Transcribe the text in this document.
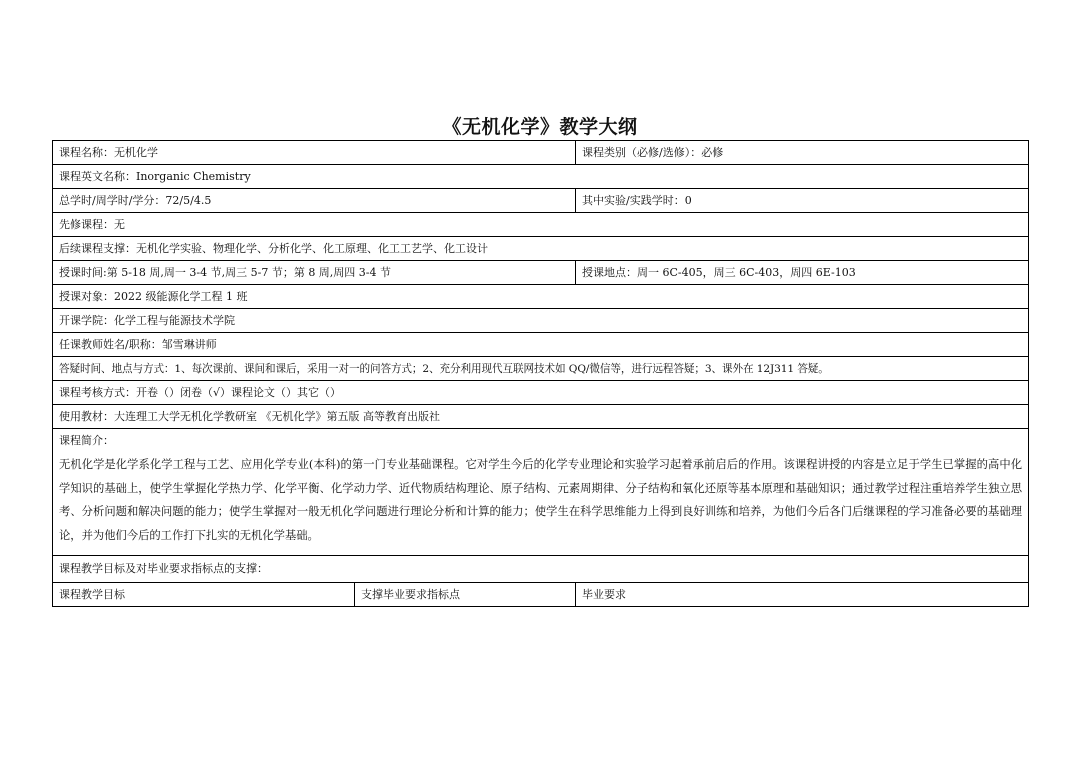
《无机化学》教学大纲
课程名称：无机化学		课程类别（必修/选修）：必修
课程英文名称：Inorganic Chemistry		
总学时/周学时/学分：72/5/4.5		其中实验/实践学时：0
先修课程：无		
后续课程支撑：无机化学实验、物理化学、分析化学、化工原理、化工工艺学、化工设计		
授课时间:第 5-18 周,周一 3-4 节,周三 5-7 节；第 8 周,周四 3-4 节		授课地点：周一 6C-405，周三 6C-403，周四 6E-103
授课对象：2022 级能源化学工程 1 班		
开课学院：化学工程与能源技术学院		
任课教师姓名/职称：邹雪琳讲师		
答疑时间、地点与方式：1、每次课前、课间和课后，采用一对一的问答方式；2、充分利用现代互联网技术如 QQ/微信等，进行远程答疑；3、课外在 12J311 答疑。		
课程考核方式：开卷（）闭卷（√）课程论文（）其它（）		
使用教材：大连理工大学无机化学教研室 《无机化学》第五版 高等教育出版社		

课程简介：
无机化学是化学系化学工程与工艺、应用化学专业(本科)的第一门专业基础课程。它对学生今后的化学专业理论和实验学习起着承前启后的作用。该课程讲授的内容是立足于学生已掌握的高中化学知识的基础上，使学生掌握化学热力学、化学平衡、化学动力学、近代物质结构理论、原子结构、元素周期律、分子结构和氧化还原等基本原理和基础知识；通过教学过程注重培养学生独立思考、分析问题和解决问题的能力；使学生掌握对一般无机化学问题进行理论分析和计算的能力；使学生在科学思维能力上得到良好训练和培养，为他们今后各门后继课程的学习准备必要的基础理论，并为他们今后的工作打下扎实的无机化学基础。		

课程教学目标及对毕业要求指标点的支撑：		
课程教学目标	支撑毕业要求指标点	毕业要求
